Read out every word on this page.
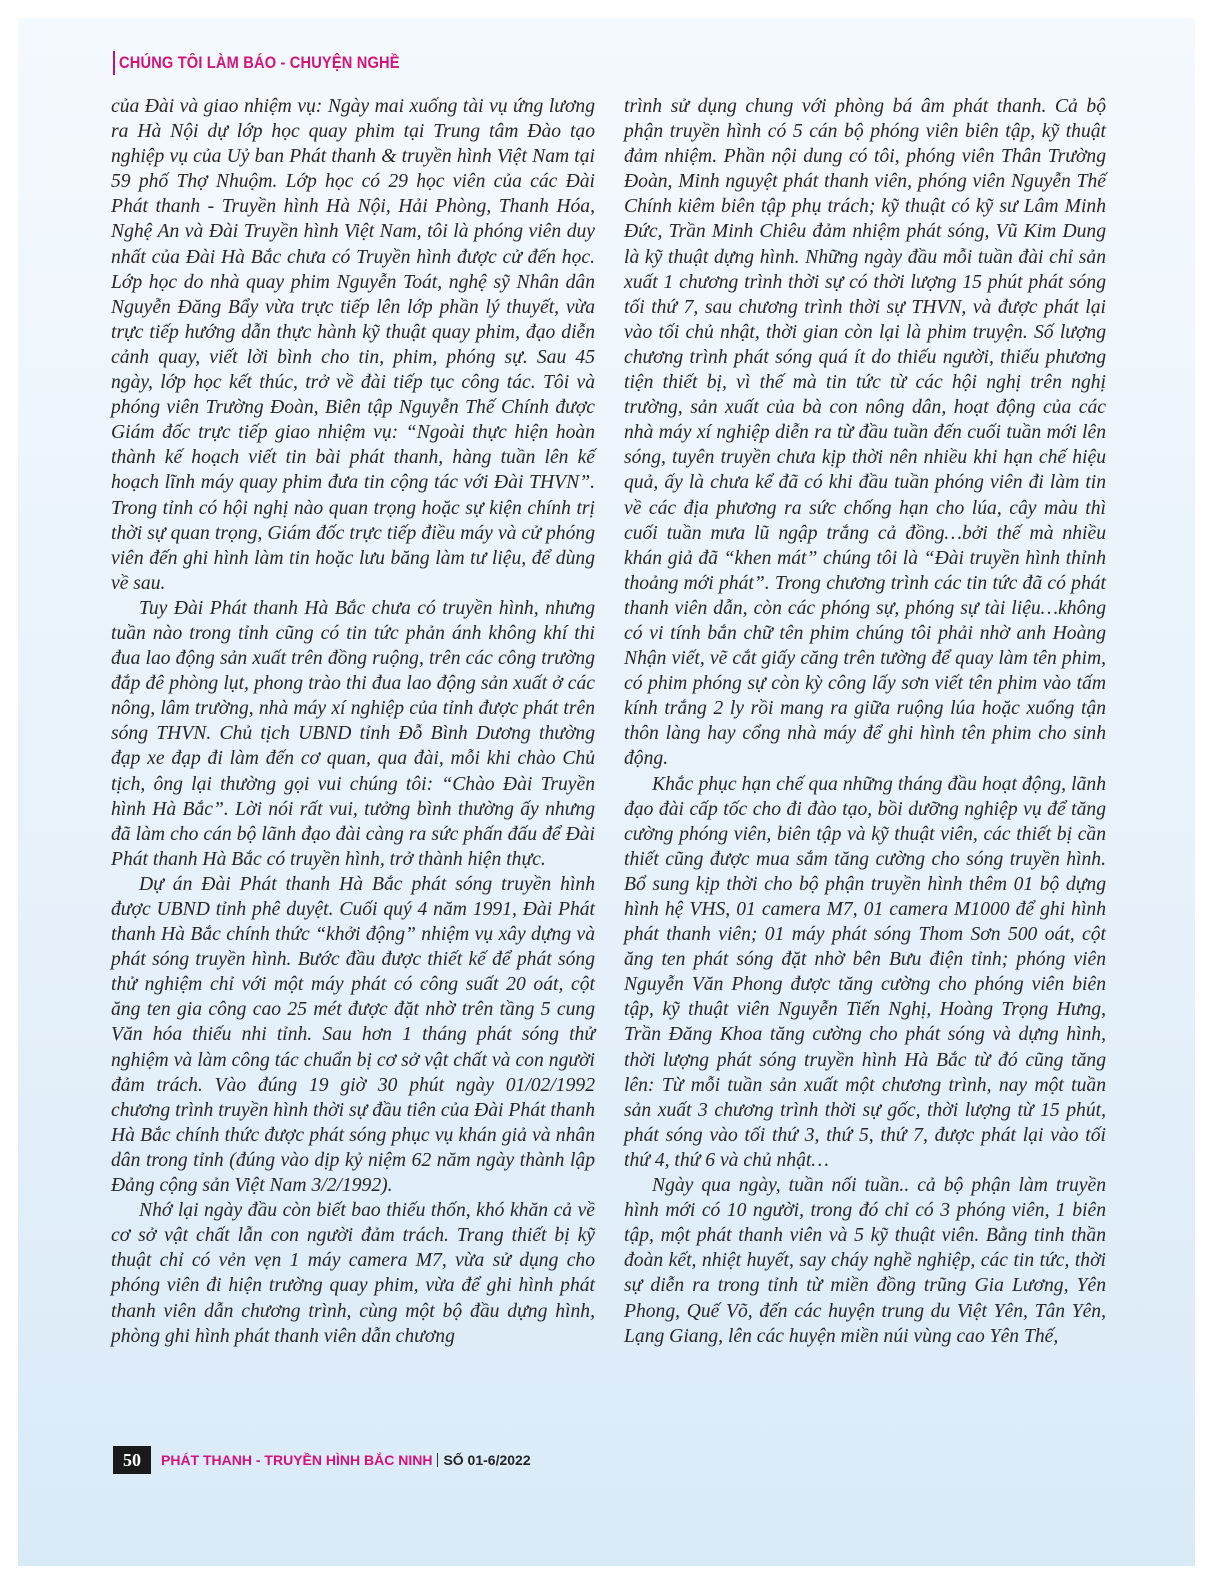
CHÚNG TÔI LÀM BÁO - CHUYỆN NGHỀ

của Đài và giao nhiệm vụ: Ngày mai xuống tài vụ ứng lương ra Hà Nội dự lớp học quay phim tại Trung tâm Đào tạo nghiệp vụ của Uỷ ban Phát thanh & truyền hình Việt Nam tại 59 phố Thợ Nhuộm. Lớp học có 29 học viên của các Đài Phát thanh - Truyền hình Hà Nội, Hải Phòng, Thanh Hóa, Nghệ An và Đài Truyền hình Việt Nam, tôi là phóng viên duy nhất của Đài Hà Bắc chưa có Truyền hình được cử đến học. Lớp học do nhà quay phim Nguyễn Toát, nghệ sỹ Nhân dân Nguyễn Đăng Bẩy vừa trực tiếp lên lớp phần lý thuyết, vừa trực tiếp hướng dẫn thực hành kỹ thuật quay phim, đạo diễn cảnh quay, viết lời bình cho tin, phim, phóng sự. Sau 45 ngày, lớp học kết thúc, trở về đài tiếp tục công tác. Tôi và phóng viên Trường Đoàn, Biên tập Nguyễn Thế Chính được Giám đốc trực tiếp giao nhiệm vụ: “Ngoài thực hiện hoàn thành kế hoạch viết tin bài phát thanh, hàng tuần lên kế hoạch lĩnh máy quay phim đưa tin cộng tác với Đài THVN”. Trong tỉnh có hội nghị nào quan trọng hoặc sự kiện chính trị thời sự quan trọng, Giám đốc trực tiếp điều máy và cử phóng viên đến ghi hình làm tin hoặc lưu băng làm tư liệu, để dùng về sau.

Tuy Đài Phát thanh Hà Bắc chưa có truyền hình, nhưng tuần nào trong tỉnh cũng có tin tức phản ánh không khí thi đua lao động sản xuất trên đồng ruộng, trên các công trường đắp đê phòng lụt, phong trào thi đua lao động sản xuất ở các nông, lâm trường, nhà máy xí nghiệp của tỉnh được phát trên sóng THVN. Chủ tịch UBND tỉnh Đỗ Bình Dương thường đạp xe đạp đi làm đến cơ quan, qua đài, mỗi khi chào Chủ tịch, ông lại thường gọi vui chúng tôi: “Chào Đài Truyền hình Hà Bắc”. Lời nói rất vui, tưởng bình thường ấy nhưng đã làm cho cán bộ lãnh đạo đài càng ra sức phấn đấu để Đài Phát thanh Hà Bắc có truyền hình, trở thành hiện thực.

Dự án Đài Phát thanh Hà Bắc phát sóng truyền hình được UBND tỉnh phê duyệt. Cuối quý 4 năm 1991, Đài Phát thanh Hà Bắc chính thức “khởi động” nhiệm vụ xây dựng và phát sóng truyền hình. Bước đầu được thiết kế để phát sóng thử nghiệm chỉ với một máy phát có công suất 20 oát, cột ăng ten gia công cao 25 mét được đặt nhờ trên tầng 5 cung Văn hóa thiếu nhi tỉnh. Sau hơn 1 tháng phát sóng thử nghiệm và làm công tác chuẩn bị cơ sở vật chất và con người đảm trách. Vào đúng 19 giờ 30 phút ngày 01/02/1992 chương trình truyền hình thời sự đầu tiên của Đài Phát thanh Hà Bắc chính thức được phát sóng phục vụ khán giả và nhân dân trong tỉnh (đúng vào dịp kỷ niệm 62 năm ngày thành lập Đảng cộng sản Việt Nam 3/2/1992).

Nhớ lại ngày đầu còn biết bao thiếu thốn, khó khăn cả về cơ sở vật chất lẫn con người đảm trách. Trang thiết bị kỹ thuật chỉ có vẻn vẹn 1 máy camera M7, vừa sử dụng cho phóng viên đi hiện trường quay phim, vừa để ghi hình phát thanh viên dẫn chương trình, cùng một bộ đầu dựng hình, phòng ghi hình phát thanh viên dẫn chương

trình sử dụng chung với phòng bá âm phát thanh. Cả bộ phận truyền hình có 5 cán bộ phóng viên biên tập, kỹ thuật đảm nhiệm. Phần nội dung có tôi, phóng viên Thân Trường Đoàn, Minh nguyệt phát thanh viên, phóng viên Nguyễn Thế Chính kiêm biên tập phụ trách; kỹ thuật có kỹ sư Lâm Minh Đức, Trần Minh Chiêu đảm nhiệm phát sóng, Vũ Kim Dung là kỹ thuật dựng hình. Những ngày đầu mỗi tuần đài chỉ sản xuất 1 chương trình thời sự có thời lượng 15 phút phát sóng tối thứ 7, sau chương trình thời sự THVN, và được phát lại vào tối chủ nhật, thời gian còn lại là phim truyện. Số lượng chương trình phát sóng quá ít do thiếu người, thiếu phương tiện thiết bị, vì thế mà tin tức từ các hội nghị trên nghị trường, sản xuất của bà con nông dân, hoạt động của các nhà máy xí nghiệp diễn ra từ đầu tuần đến cuối tuần mới lên sóng, tuyên truyền chưa kịp thời nên nhiều khi hạn chế hiệu quả, ấy là chưa kể đã có khi đầu tuần phóng viên đi làm tin về các địa phương ra sức chống hạn cho lúa, cây màu thì cuối tuần mưa lũ ngập trắng cả đồng…bởi thế mà nhiều khán giả đã “khen mát” chúng tôi là “Đài truyền hình thỉnh thoảng mới phát”. Trong chương trình các tin tức đã có phát thanh viên dẫn, còn các phóng sự, phóng sự tài liệu…không có vi tính bắn chữ tên phim chúng tôi phải nhờ anh Hoàng Nhận viết, vẽ cắt giấy căng trên tường để quay làm tên phim, có phim phóng sự còn kỳ công lấy sơn viết tên phim vào tấm kính trắng 2 ly rồi mang ra giữa ruộng lúa hoặc xuống tận thôn làng hay cổng nhà máy để ghi hình tên phim cho sinh động.

Khắc phục hạn chế qua những tháng đầu hoạt động, lãnh đạo đài cấp tốc cho đi đào tạo, bồi dưỡng nghiệp vụ để tăng cường phóng viên, biên tập và kỹ thuật viên, các thiết bị cần thiết cũng được mua sắm tăng cường cho sóng truyền hình. Bổ sung kịp thời cho bộ phận truyền hình thêm 01 bộ dựng hình hệ VHS, 01 camera M7, 01 camera M1000 để ghi hình phát thanh viên; 01 máy phát sóng Thom Sơn 500 oát, cột ăng ten phát sóng đặt nhờ bên Bưu điện tỉnh; phóng viên Nguyễn Văn Phong được tăng cường cho phóng viên biên tập, kỹ thuật viên Nguyễn Tiến Nghị, Hoàng Trọng Hưng, Trần Đăng Khoa tăng cường cho phát sóng và dựng hình, thời lượng phát sóng truyền hình Hà Bắc từ đó cũng tăng lên: Từ mỗi tuần sản xuất một chương trình, nay một tuần sản xuất 3 chương trình thời sự gốc, thời lượng từ 15 phút, phát sóng vào tối thứ 3, thứ 5, thứ 7, được phát lại vào tối thứ 4, thứ 6 và chủ nhật…

Ngày qua ngày, tuần nối tuần.. cả bộ phận làm truyền hình mới có 10 người, trong đó chỉ có 3 phóng viên, 1 biên tập, một phát thanh viên và 5 kỹ thuật viên. Bằng tinh thần đoàn kết, nhiệt huyết, say cháy nghề nghiệp, các tin tức, thời sự diễn ra trong tỉnh từ miền đồng trũng Gia Lương, Yên Phong, Quế Võ, đến các huyện trung du Việt Yên, Tân Yên, Lạng Giang, lên các huyện miền núi vùng cao Yên Thế,

50	PHÁT THANH - TRUYỀN HÌNH BẮC NINH SỐ 01-6/2022
